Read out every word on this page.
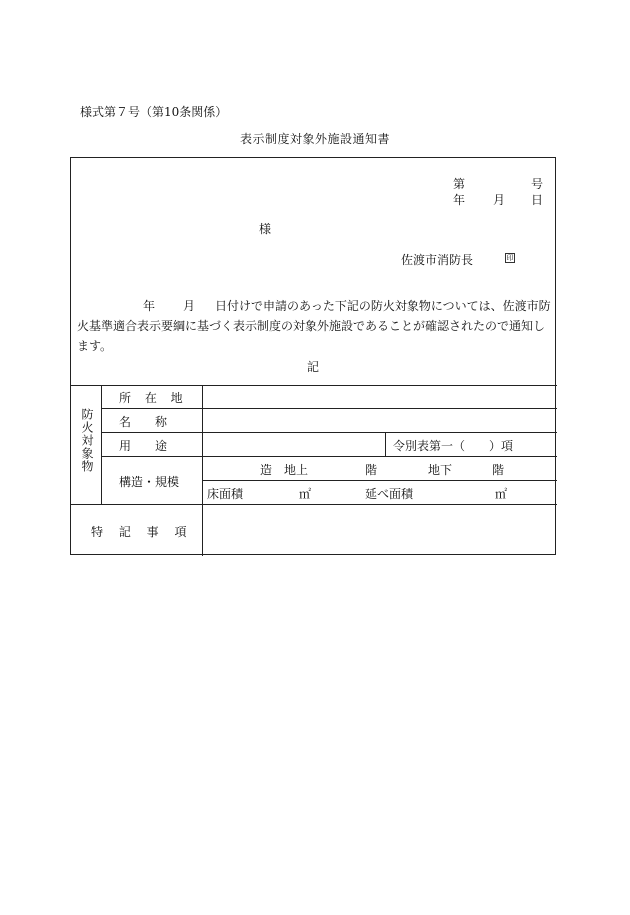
様式第７号（第10条関係）
表示制度対象外施設通知書
第	号
年 月 日
様
佐渡市消防長	印
年 月 日付けで申請のあった下記の防火対象物については、佐渡市防火基準適合表示要綱に基づく表示制度の対象外施設であることが確認されたので通知します。
記
防火対象物
所 在 地
名　　称
用　　途	令別表第一（　　）項
構造・規模
造 地上	階	地下	階
床面積	㎡	延べ面積	㎡
特 記 事 項
